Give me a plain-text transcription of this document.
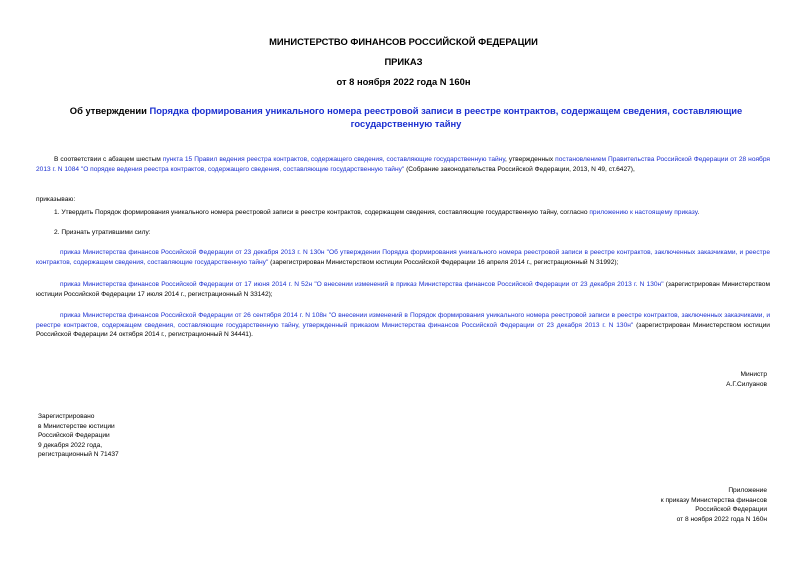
МИНИСТЕРСТВО ФИНАНСОВ РОССИЙСКОЙ ФЕДЕРАЦИИ
ПРИКАЗ
от 8 ноября 2022 года N 160н
Об утверждении Порядка формирования уникального номера реестровой записи в реестре контрактов, содержащем сведения, составляющие государственную тайну
В соответствии с абзацем шестым пункта 15 Правил ведения реестра контрактов, содержащего сведения, составляющие государственную тайну, утвержденных постановлением Правительства Российской Федерации от 28 ноября 2013 г. N 1084 "О порядке ведения реестра контрактов, содержащего сведения, составляющие государственную тайну" (Собрание законодательства Российской Федерации, 2013, N 49, ст.6427),
приказываю:
1. Утвердить Порядок формирования уникального номера реестровой записи в реестре контрактов, содержащем сведения, составляющие государственную тайну, согласно приложению к настоящему приказу.
2. Признать утратившими силу:
приказ Министерства финансов Российской Федерации от 23 декабря 2013 г. N 130н "Об утверждении Порядка формирования уникального номера реестровой записи в реестре контрактов, заключенных заказчиками, и реестре контрактов, содержащем сведения, составляющие государственную тайну" (зарегистрирован Министерством юстиции Российской Федерации 16 апреля 2014 г., регистрационный N 31992);
приказ Министерства финансов Российской Федерации от 17 июня 2014 г. N 52н "О внесении изменений в приказ Министерства финансов Российской Федерации от 23 декабря 2013 г. N 130н" (зарегистрирован Министерством юстиции Российской Федерации 17 июля 2014 г., регистрационный N 33142);
приказ Министерства финансов Российской Федерации от 26 сентября 2014 г. N 108н "О внесении изменений в Порядок формирования уникального номера реестровой записи в реестре контрактов, заключенных заказчиками, и реестре контрактов, содержащем сведения, составляющие государственную тайну, утвержденный приказом Министерства финансов Российской Федерации от 23 декабря 2013 г. N 130н" (зарегистрирован Министерством юстиции Российской Федерации 24 октября 2014 г., регистрационный N 34441).
Министр
А.Г.Силуанов
Зарегистрировано
в Министерстве юстиции
Российской Федерации
9 декабря 2022 года,
регистрационный N 71437
Приложение
к приказу Министерства финансов
Российской Федерации
от 8 ноября 2022 года N 160н
